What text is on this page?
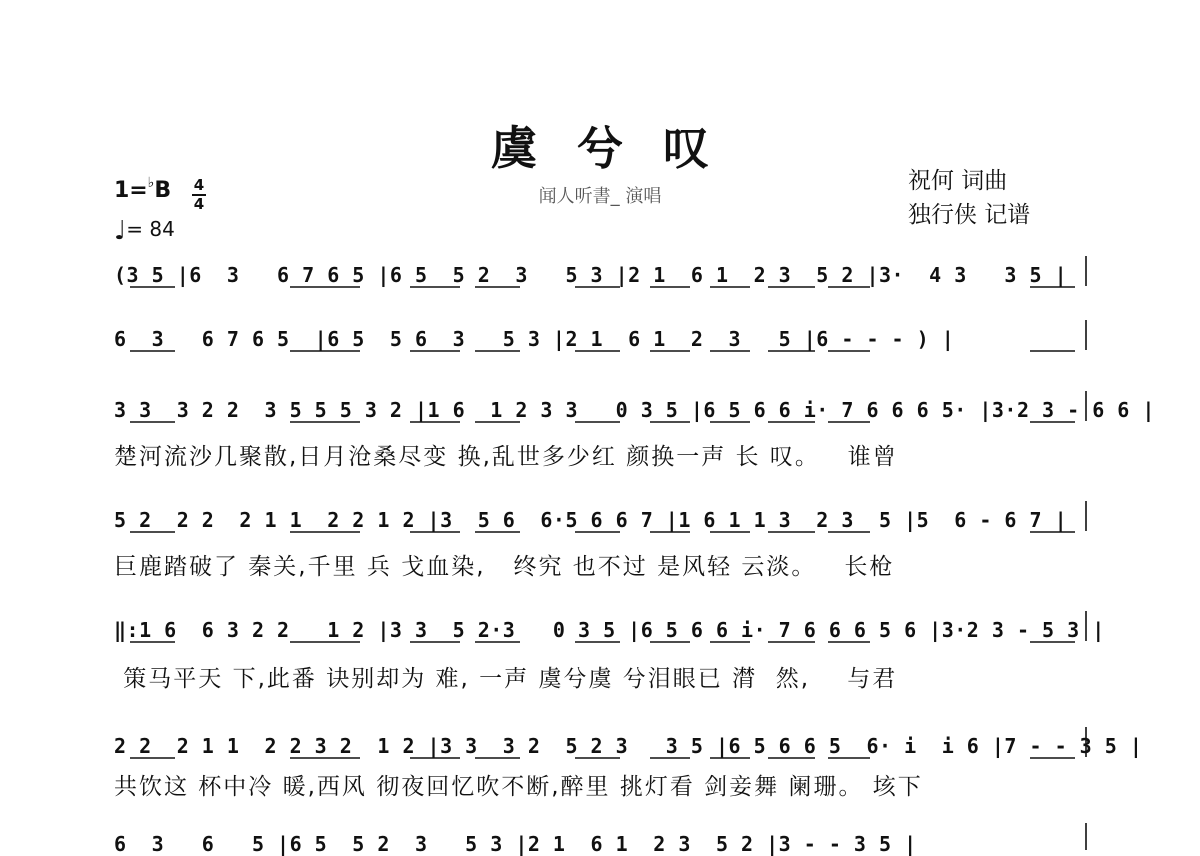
虞兮叹
闻人听書_ 演唱
祝何 词曲
独行侠 记谱
1=♭B 4
4
♩= 84
(3 5 |6  3   6 7 6 5 |6 5  5 2  3   5 3 |2 1  6 1  2 3  5 2 |3·  4 3   3 5 |
6  3   6 7 6 5  |6 5  5 6  3   5 3 |2 1  6 1  2  3   5 |6 - - - ) |
3 3  3 2 2  3 5 5 5 3 2 |1 6  1 2 3 3   0 3 5 |6 5 6 6 i· 7 6 6 6 5· |3·2 3 - 6 6 |
楚河流沙几聚散,日月沧桑尽变 换,乱世多少红 颜换一声 长 叹。   谁曾
5 2  2 2  2 1 1  2 2 1 2 |3  5 6  6·5 6 6 7 |1 6 1 1 3  2 3  5 |5  6 - 6 7 |
巨鹿踏破了 秦关,千里 兵 戈血染,   终究 也不过 是风轻 云淡。   长枪
‖:1 6  6 3 2 2   1 2 |3 3  5 2·3   0 3 5 |6 5 6 6 i· 7 6 6 6 5 6 |3·2 3 - 5 3 |
策马平天 下,此番 诀别却为 难, 一声 虞兮虞 兮泪眼已 潸  然,    与君
2 2  2 1 1  2 2 3 2  1 2 |3 3  3 2  5 2 3   3 5 |6 5 6 6 5  6· i  i 6 |7 - - 3 5 |
共饮这 杯中冷 暖,西风 彻夜回忆吹不断,醉里 挑灯看 剑妾舞 阑珊。 垓下
6  3   6   5 |6 5  5 2  3   5 3 |2 1  6 1  2 3  5 2 |3 - - 3 5 |
